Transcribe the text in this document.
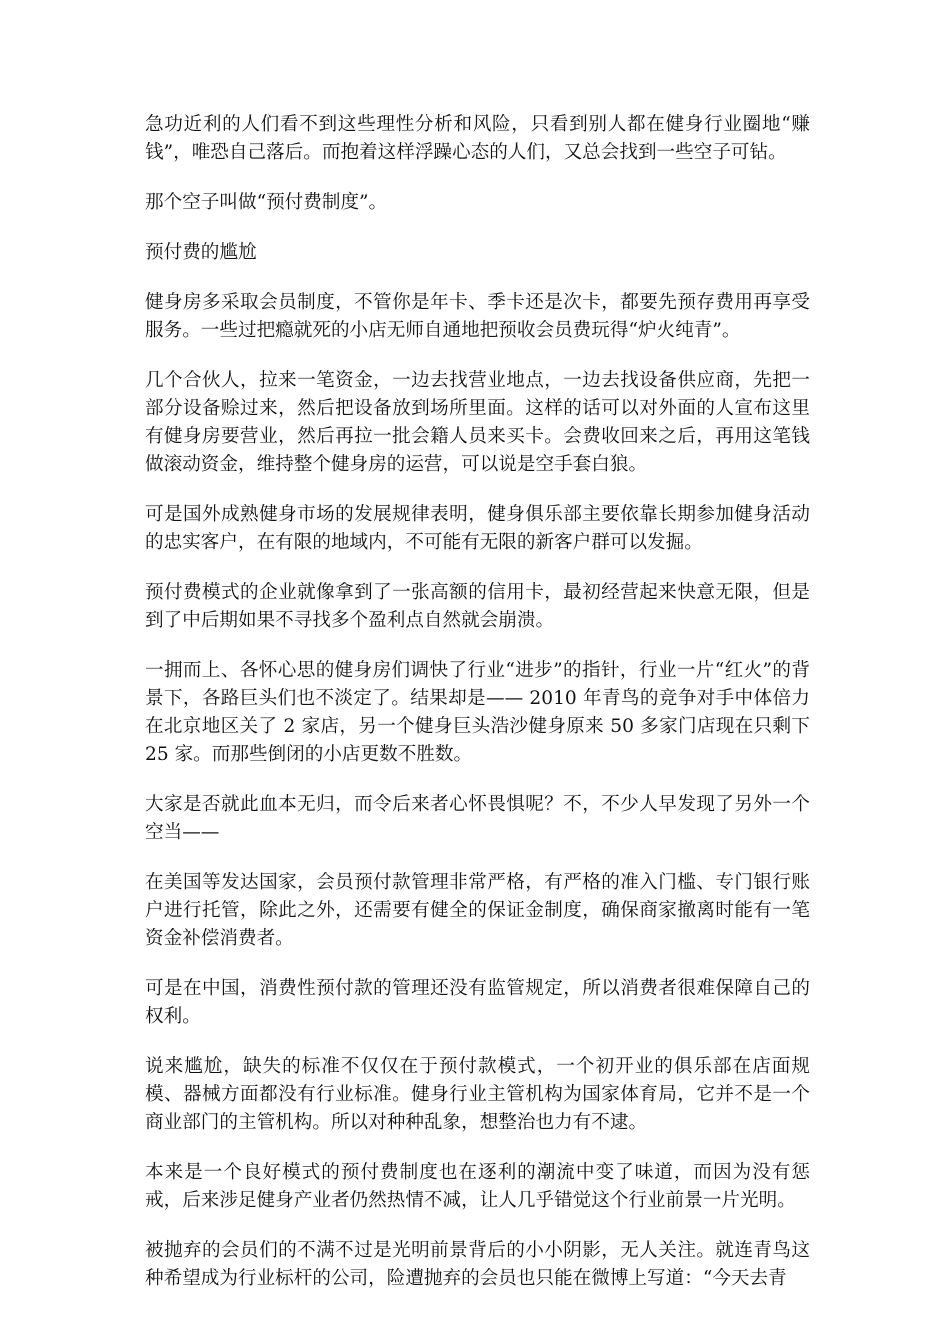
急功近利的人们看不到这些理性分析和风险，只看到别人都在健身行业圈地“赚钱”，唯恐自己落后。而抱着这样浮躁心态的人们，又总会找到一些空子可钻。

那个空子叫做“预付费制度”。

预付费的尴尬

健身房多采取会员制度，不管你是年卡、季卡还是次卡，都要先预存费用再享受服务。一些过把瘾就死的小店无师自通地把预收会员费玩得“炉火纯青”。

几个合伙人，拉来一笔资金，一边去找营业地点，一边去找设备供应商，先把一部分设备赊过来，然后把设备放到场所里面。这样的话可以对外面的人宣布这里有健身房要营业，然后再拉一批会籍人员来买卡。会费收回来之后，再用这笔钱做滚动资金，维持整个健身房的运营，可以说是空手套白狼。

可是国外成熟健身市场的发展规律表明，健身俱乐部主要依靠长期参加健身活动的忠实客户，在有限的地域内，不可能有无限的新客户群可以发掘。

预付费模式的企业就像拿到了一张高额的信用卡，最初经营起来快意无限，但是到了中后期如果不寻找多个盈利点自然就会崩溃。

一拥而上、各怀心思的健身房们调快了行业“进步”的指针，行业一片“红火”的背景下，各路巨头们也不淡定了。结果却是—— 2010 年青鸟的竞争对手中体倍力在北京地区关了 2 家店，另一个健身巨头浩沙健身原来 50 多家门店现在只剩下 25 家。而那些倒闭的小店更数不胜数。

大家是否就此血本无归，而令后来者心怀畏惧呢？不，不少人早发现了另外一个空当——

在美国等发达国家，会员预付款管理非常严格，有严格的准入门槛、专门银行账户进行托管，除此之外，还需要有健全的保证金制度，确保商家撤离时能有一笔资金补偿消费者。

可是在中国，消费性预付款的管理还没有监管规定，所以消费者很难保障自己的权利。

说来尴尬，缺失的标准不仅仅在于预付款模式，一个初开业的俱乐部在店面规模、器械方面都没有行业标准。健身行业主管机构为国家体育局，它并不是一个商业部门的主管机构。所以对种种乱象，想整治也力有不逮。

本来是一个良好模式的预付费制度也在逐利的潮流中变了味道，而因为没有惩戒，后来涉足健身产业者仍然热情不减，让人几乎错觉这个行业前景一片光明。

被抛弃的会员们的不满不过是光明前景背后的小小阴影，无人关注。就连青鸟这种希望成为行业标杆的公司，险遭抛弃的会员也只能在微博上写道：“今天去青
